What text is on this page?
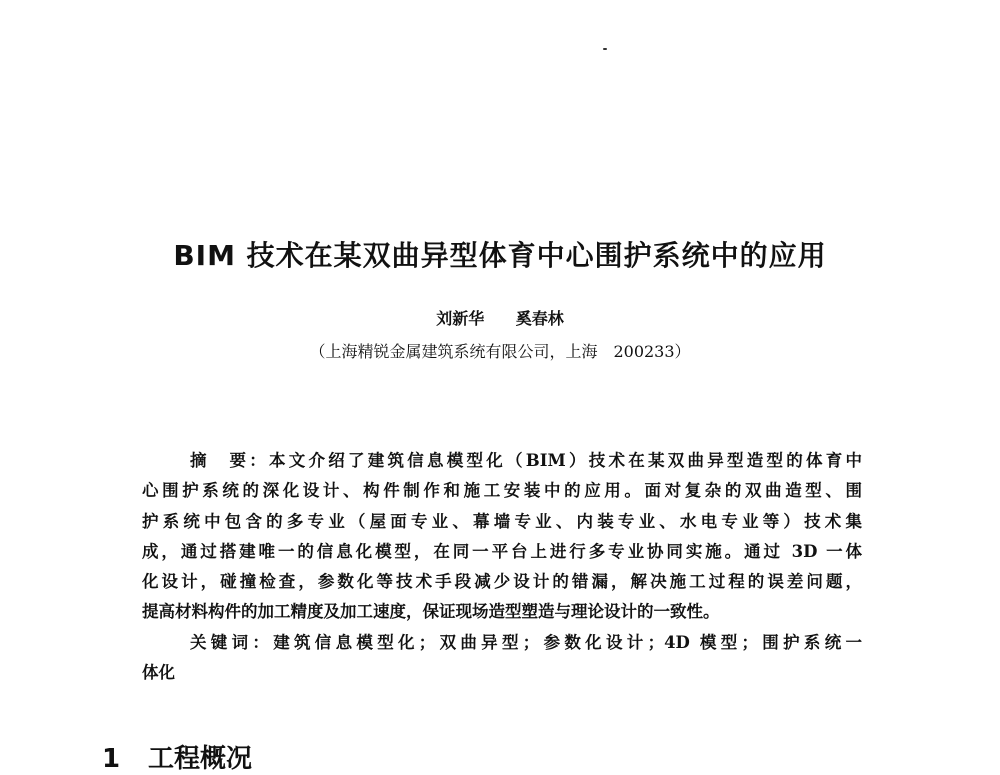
BIM 技术在某双曲异型体育中心围护系统中的应用
刘新华 奚春林
（上海精锐金属建筑系统有限公司，上海　200233）
摘　要：本文介绍了建筑信息模型化（BIM）技术在某双曲异型造型的体育中
心围护系统的深化设计、构件制作和施工安装中的应用。面对复杂的双曲造型、围
护系统中包含的多专业（屋面专业、幕墙专业、内装专业、水电专业等）技术集
成，通过搭建唯一的信息化模型，在同一平台上进行多专业协同实施。通过 3D 一体
化设计，碰撞检查，参数化等技术手段减少设计的错漏，解决施工过程的误差问题，
提高材料构件的加工精度及加工速度，保证现场造型塑造与理论设计的一致性。
关键词：建筑信息模型化；双曲异型；参数化设计；4D 模型；围护系统一
体化
1 工程概况
